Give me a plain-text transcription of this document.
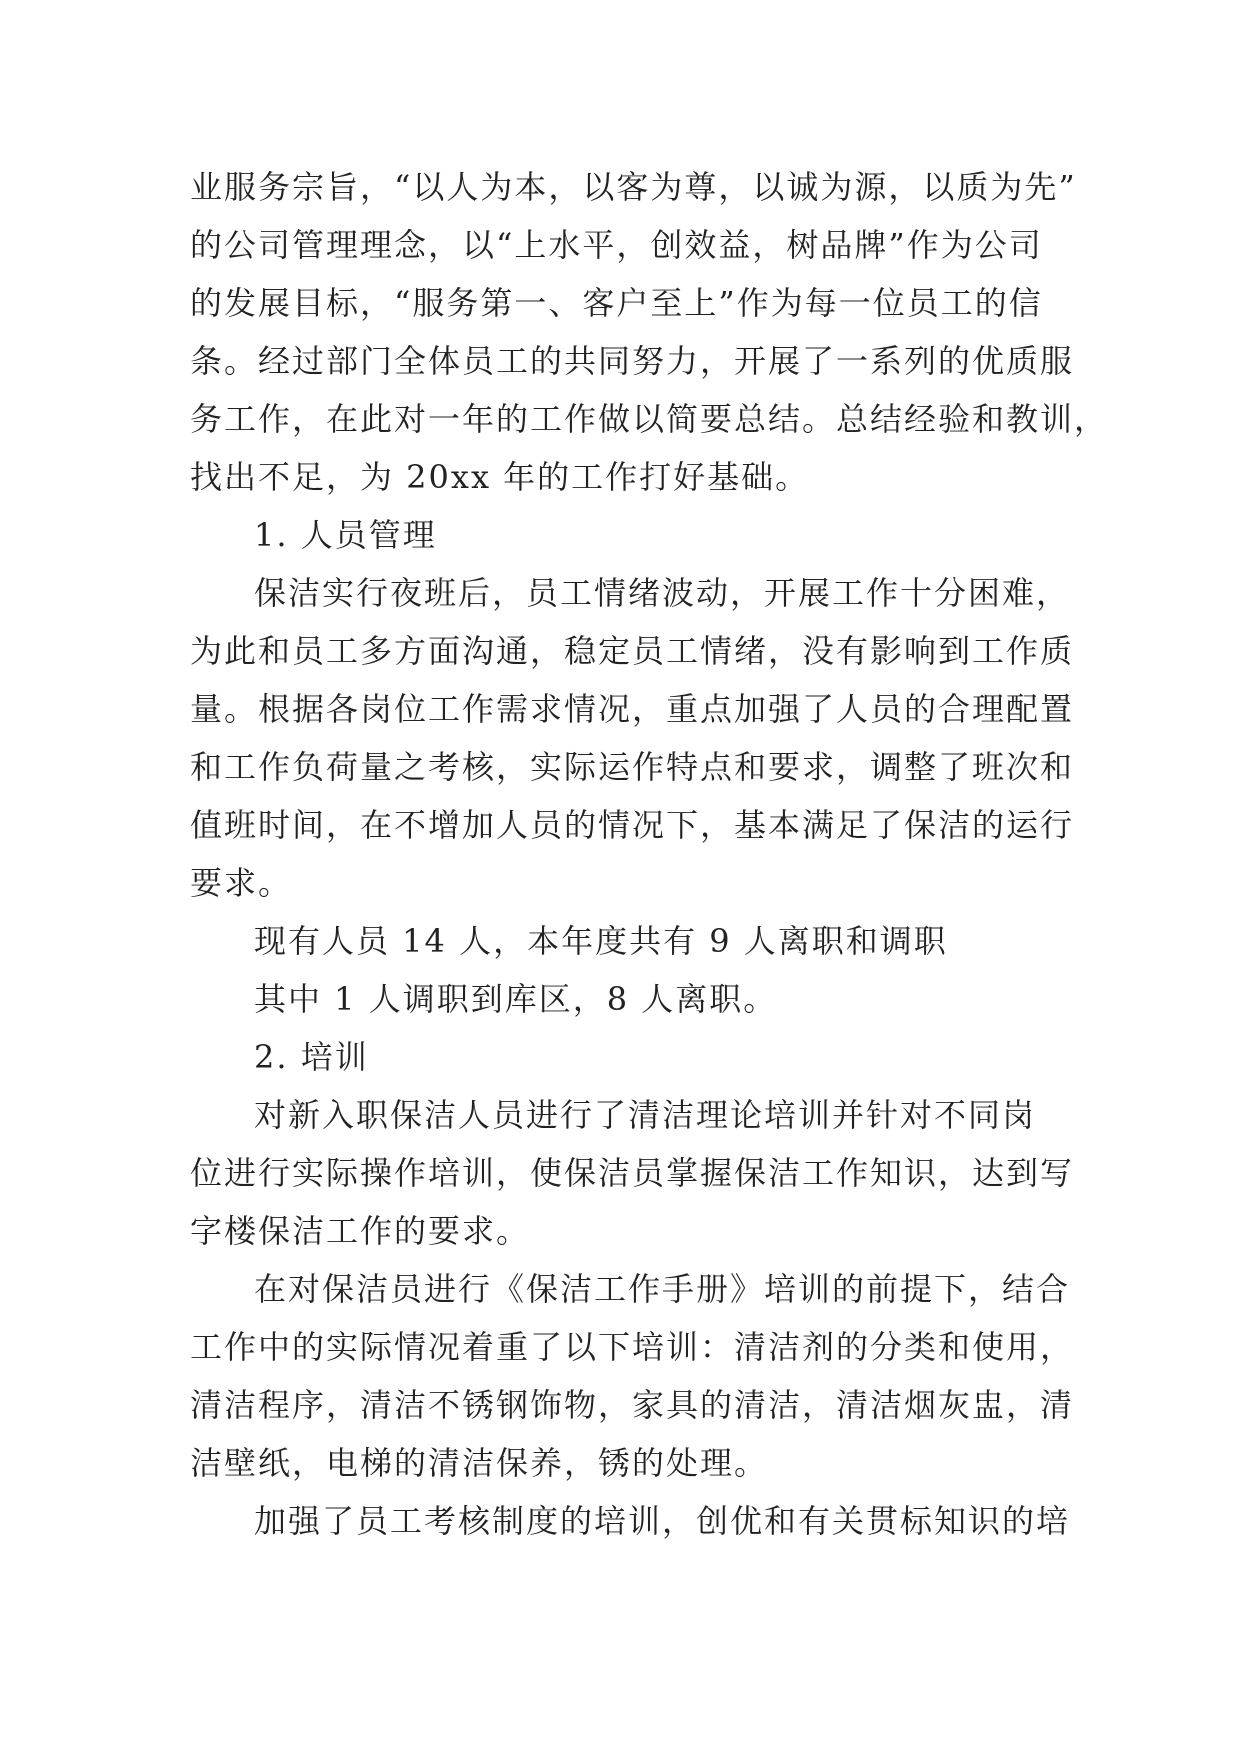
业服务宗旨，“以人为本，以客为尊，以诚为源，以质为先”
的公司管理理念，以“上水平，创效益，树品牌”作为公司
的发展目标，“服务第一、客户至上”作为每一位员工的信
条。经过部门全体员工的共同努力，开展了一系列的优质服
务工作，在此对一年的工作做以简要总结。总结经验和教训，
找出不足，为 20xx 年的工作打好基础。
1. 人员管理
保洁实行夜班后，员工情绪波动，开展工作十分困难，
为此和员工多方面沟通，稳定员工情绪，没有影响到工作质
量。根据各岗位工作需求情况，重点加强了人员的合理配置
和工作负荷量之考核，实际运作特点和要求，调整了班次和
值班时间，在不增加人员的情况下，基本满足了保洁的运行
要求。
现有人员 14 人，本年度共有 9 人离职和调职
其中 1 人调职到库区，8 人离职。
2. 培训
对新入职保洁人员进行了清洁理论培训并针对不同岗
位进行实际操作培训，使保洁员掌握保洁工作知识，达到写
字楼保洁工作的要求。
在对保洁员进行《保洁工作手册》培训的前提下，结合
工作中的实际情况着重了以下培训：清洁剂的分类和使用，
清洁程序，清洁不锈钢饰物，家具的清洁，清洁烟灰盅，清
洁壁纸，电梯的清洁保养，锈的处理。
加强了员工考核制度的培训，创优和有关贯标知识的培
